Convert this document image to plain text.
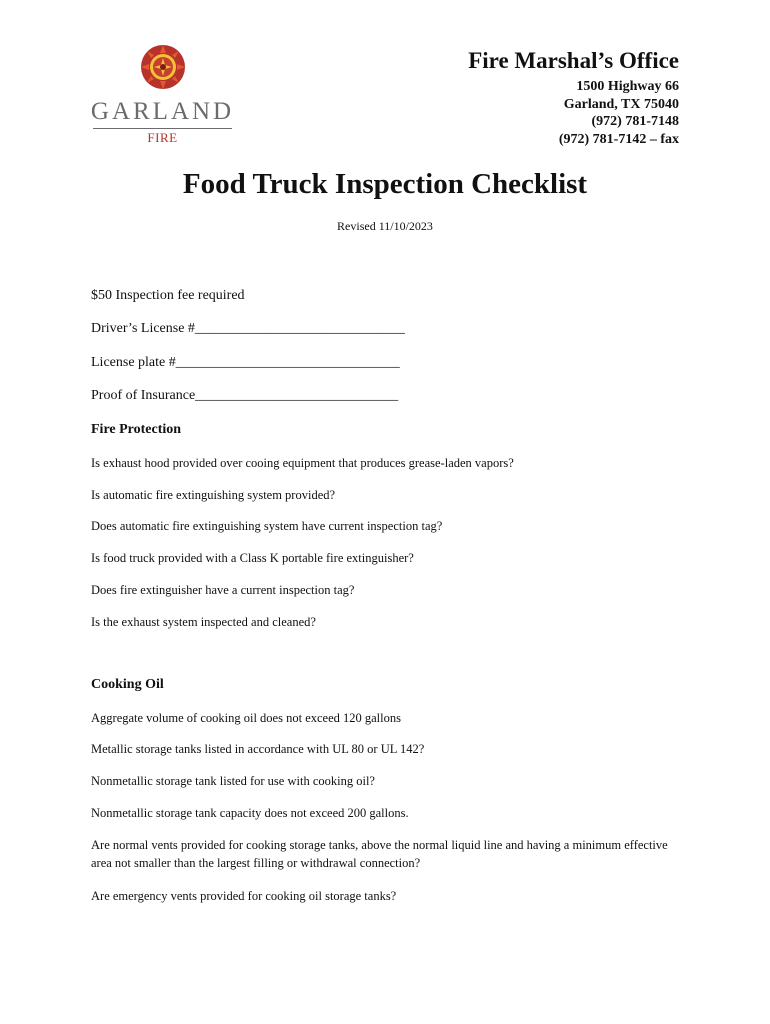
GARLAND
FIRE
Fire Marshal’s Office
1500 Highway 66
Garland, TX 75040
(972) 781-7148
(972) 781-7142 – fax
Food Truck Inspection Checklist
Revised 11/10/2023
$50 Inspection fee required
Driver’s License #______________________________
License plate #________________________________
Proof of Insurance_____________________________
Fire Protection
Is exhaust hood provided over cooing equipment that produces grease-laden vapors?
Is automatic fire extinguishing system provided?
Does automatic fire extinguishing system have current inspection tag?
Is food truck provided with a Class K portable fire extinguisher?
Does fire extinguisher have a current inspection tag?
Is the exhaust system inspected and cleaned?
Cooking Oil
Aggregate volume of cooking oil does not exceed 120 gallons
Metallic storage tanks listed in accordance with UL 80 or UL 142?
Nonmetallic storage tank listed for use with cooking oil?
Nonmetallic storage tank capacity does not exceed 200 gallons.
Are normal vents provided for cooking storage tanks, above the normal liquid line and having a minimum effective area not smaller than the largest filling or withdrawal connection?
Are emergency vents provided for cooking oil storage tanks?
